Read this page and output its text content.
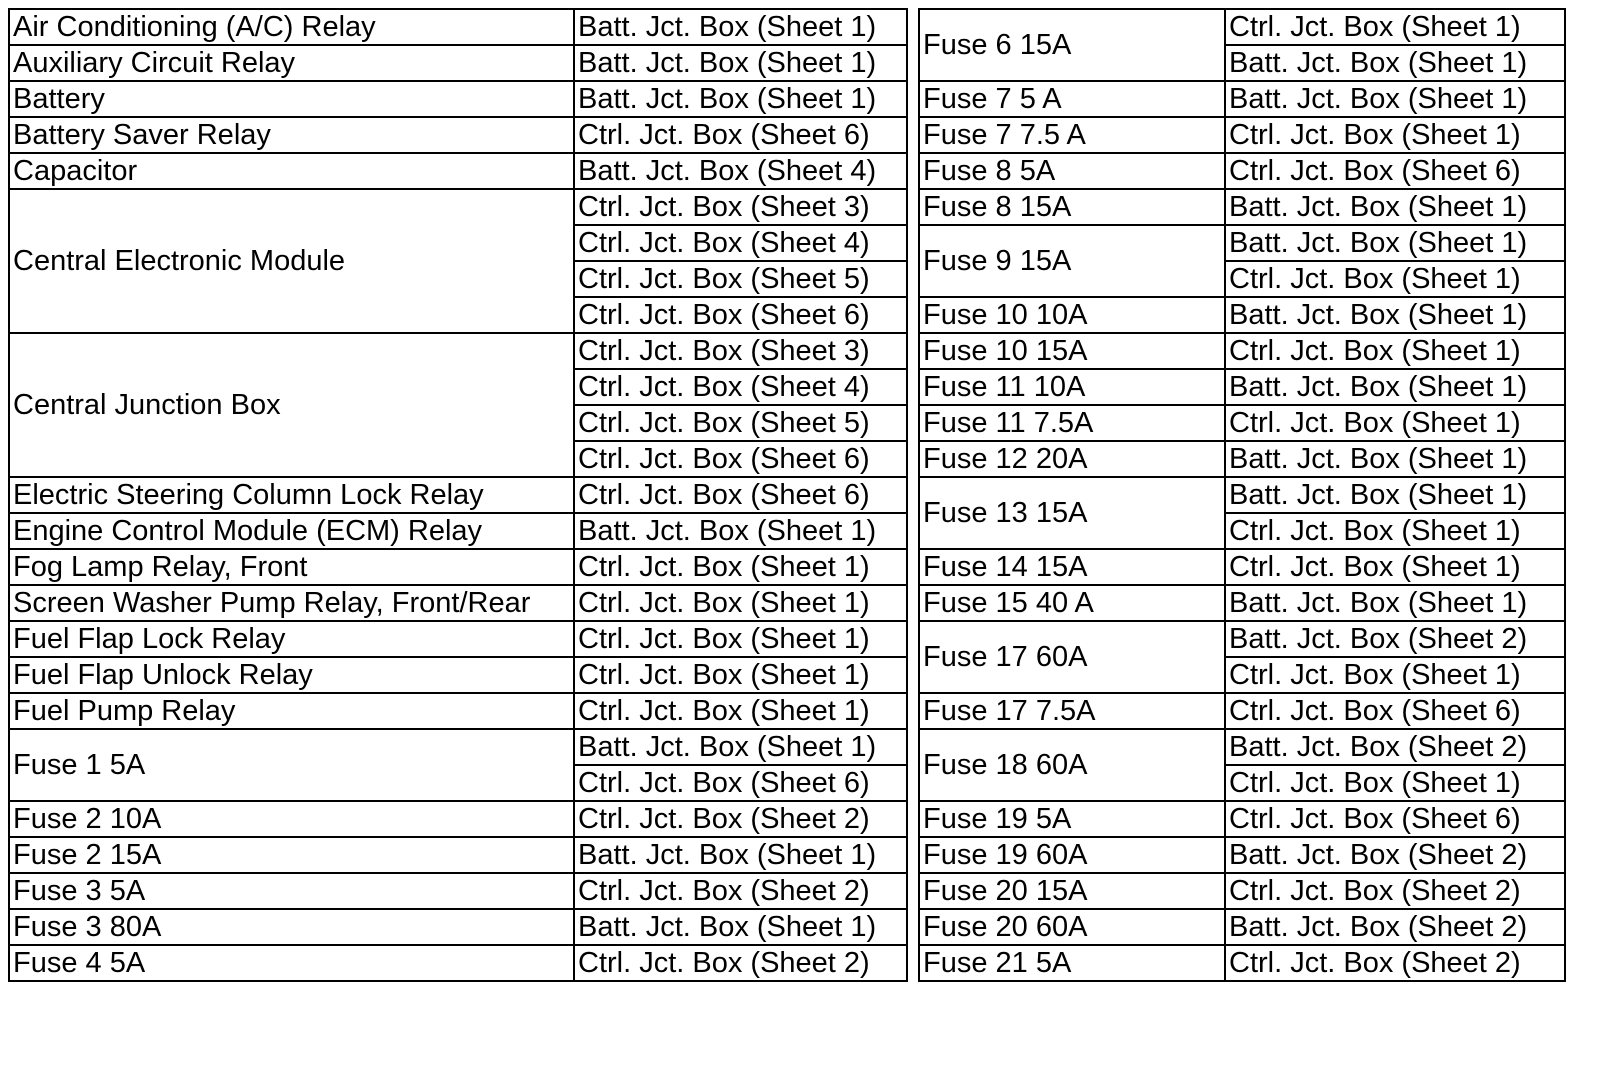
Air Conditioning (A/C) Relay	Batt. Jct. Box (Sheet 1)
Auxiliary Circuit Relay	Batt. Jct. Box (Sheet 1)
Battery	Batt. Jct. Box (Sheet 1)
Battery Saver Relay	Ctrl. Jct. Box (Sheet 6)
Capacitor	Batt. Jct. Box (Sheet 4)
Central Electronic Module	Ctrl. Jct. Box (Sheet 3)
	Ctrl. Jct. Box (Sheet 4)
	Ctrl. Jct. Box (Sheet 5)
	Ctrl. Jct. Box (Sheet 6)
Central Junction Box	Ctrl. Jct. Box (Sheet 3)
	Ctrl. Jct. Box (Sheet 4)
	Ctrl. Jct. Box (Sheet 5)
	Ctrl. Jct. Box (Sheet 6)
Electric Steering Column Lock Relay	Ctrl. Jct. Box (Sheet 6)
Engine Control Module (ECM) Relay	Batt. Jct. Box (Sheet 1)
Fog Lamp Relay, Front	Ctrl. Jct. Box (Sheet 1)
Screen Washer Pump Relay, Front/Rear	Ctrl. Jct. Box (Sheet 1)
Fuel Flap Lock Relay	Ctrl. Jct. Box (Sheet 1)
Fuel Flap Unlock Relay	Ctrl. Jct. Box (Sheet 1)
Fuel Pump Relay	Ctrl. Jct. Box (Sheet 1)
Fuse 1 5A	Batt. Jct. Box (Sheet 1)
	Ctrl. Jct. Box (Sheet 6)
Fuse 2 10A	Ctrl. Jct. Box (Sheet 2)
Fuse 2 15A	Batt. Jct. Box (Sheet 1)
Fuse 3 5A	Ctrl. Jct. Box (Sheet 2)
Fuse 3 80A	Batt. Jct. Box (Sheet 1)
Fuse 4 5A	Ctrl. Jct. Box (Sheet 2)
Fuse 6 15A	Ctrl. Jct. Box (Sheet 1)
	Batt. Jct. Box (Sheet 1)
Fuse 7 5 A	Batt. Jct. Box (Sheet 1)
Fuse 7 7.5 A	Ctrl. Jct. Box (Sheet 1)
Fuse 8 5A	Ctrl. Jct. Box (Sheet 6)
Fuse 8 15A	Batt. Jct. Box (Sheet 1)
Fuse 9 15A	Batt. Jct. Box (Sheet 1)
	Ctrl. Jct. Box (Sheet 1)
Fuse 10 10A	Batt. Jct. Box (Sheet 1)
Fuse 10 15A	Ctrl. Jct. Box (Sheet 1)
Fuse 11 10A	Batt. Jct. Box (Sheet 1)
Fuse 11 7.5A	Ctrl. Jct. Box (Sheet 1)
Fuse 12 20A	Batt. Jct. Box (Sheet 1)
Fuse 13 15A	Batt. Jct. Box (Sheet 1)
	Ctrl. Jct. Box (Sheet 1)
Fuse 14 15A	Ctrl. Jct. Box (Sheet 1)
Fuse 15 40 A	Batt. Jct. Box (Sheet 1)
Fuse 17 60A	Batt. Jct. Box (Sheet 2)
	Ctrl. Jct. Box (Sheet 1)
Fuse 17 7.5A	Ctrl. Jct. Box (Sheet 6)
Fuse 18 60A	Batt. Jct. Box (Sheet 2)
	Ctrl. Jct. Box (Sheet 1)
Fuse 19 5A	Ctrl. Jct. Box (Sheet 6)
Fuse 19 60A	Batt. Jct. Box (Sheet 2)
Fuse 20 15A	Ctrl. Jct. Box (Sheet 2)
Fuse 20 60A	Batt. Jct. Box (Sheet 2)
Fuse 21 5A	Ctrl. Jct. Box (Sheet 2)
